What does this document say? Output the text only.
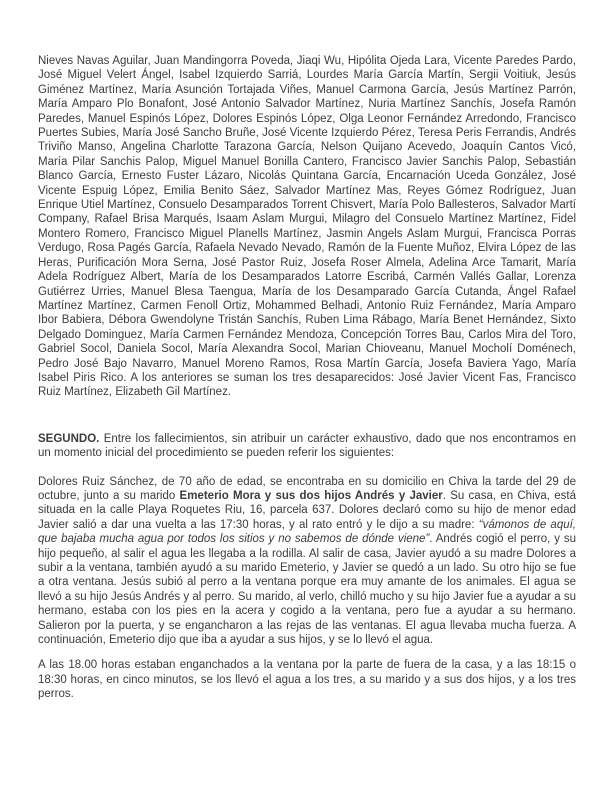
Nieves Navas Aguilar, Juan Mandingorra Poveda, Jiaqi Wu, Hipólita Ojeda Lara, Vicente Paredes Pardo, José Miguel Velert Ángel, Isabel Izquierdo Sarriá, Lourdes María García Martín, Sergii Voitiuk, Jesús Giménez Martínez, María Asunción Tortajada Viñes, Manuel Carmona García, Jesús Martínez Parrón, María Amparo Plo Bonafont, José Antonio Salvador Martínez, Nuria Martínez Sanchís, Josefa Ramón Paredes, Manuel Espinós López, Dolores Espinós López, Olga Leonor Fernández Arredondo, Francisco Puertes Subies, María José Sancho Bruñe, José Vicente Izquierdo Pérez, Teresa Peris Ferrandis, Andrés Triviño Manso, Angelina Charlotte Tarazona García, Nelson Quijano Acevedo, Joaquín Cantos Vicó, María Pilar Sanchis Palop, Miguel Manuel Bonilla Cantero, Francisco Javier Sanchis Palop, Sebastián Blanco García, Ernesto Fuster Lázaro, Nicolás Quintana García, Encarnación Uceda González, José Vicente Espuig López, Emilia Benito Sáez, Salvador Martínez Mas, Reyes Gómez Rodríguez, Juan Enrique Utiel Martínez, Consuelo Desamparados Torrent Chisvert, María Polo Ballesteros, Salvador Martí Company, Rafael Brisa Marqués, Isaam Aslam Murgui, Milagro del Consuelo Martínez Martínez, Fidel Montero Romero, Francisco Miguel Planells Martínez, Jasmin Angels Aslam Murgui, Francisca Porras Verdugo, Rosa Pagés García, Rafaela Nevado Nevado, Ramón de la Fuente Muñoz, Elvira López de las Heras, Purificación Mora Serna, José Pastor Ruiz, Josefa Roser Almela, Adelina Arce Tamarit, María Adela Rodríguez Albert, María de los Desamparados Latorre Escribá, Carmén Vallés Gallar, Lorenza Gutiérrez Urries, Manuel Blesa Taengua, María de los Desamparado García Cutanda, Ángel Rafael Martínez Martínez, Carmen Fenoll Ortiz, Mohammed Belhadi, Antonio Ruiz Fernández, María Amparo Ibor Babiera, Débora Gwendolyne Tristán Sanchís, Ruben Lima Rábago, María Benet Hernández, Sixto Delgado Dominguez, María Carmen Fernández Mendoza, Concepción Torres Bau, Carlos Mira del Toro, Gabriel Socol, Daniela Socol, María Alexandra Socol, Marian Chioveanu, Manuel Mocholí Doménech, Pedro José Bajo Navarro, Manuel Moreno Ramos, Rosa Martín García, Josefa Baviera Yago, María Isabel Piris Rico. A los anteriores se suman los tres desaparecidos: José Javier Vicent Fas, Francisco Ruiz Martínez, Elizabeth Gil Martínez.

SEGUNDO. Entre los fallecimientos, sin atribuir un carácter exhaustivo, dado que nos encontramos en un momento inicial del procedimiento se pueden referir los siguientes:

Dolores Ruiz Sánchez, de 70 año de edad, se encontraba en su domicilio en Chiva la tarde del 29 de octubre, junto a su marido Emeterio Mora y sus dos hijos Andrés y Javier. Su casa, en Chiva, está situada en la calle Playa Roquetes Riu, 16, parcela 637. Dolores declaró como su hijo de menor edad Javier salió a dar una vuelta a las 17:30 horas, y al rato entró y le dijo a su madre: “vámonos de aquí, que bajaba mucha agua por todos los sitios y no sabemos de dónde viene”. Andrés cogió el perro, y su hijo pequeño, al salir el agua les llegaba a la rodilla. Al salir de casa, Javier ayudó a su madre Dolores a subir a la ventana, también ayudó a su marido Emeterio, y Javier se quedó a un lado. Su otro hijo se fue a otra ventana. Jesús subió al perro a la ventana porque era muy amante de los animales. El agua se llevó a su hijo Jesús Andrés y al perro. Su marido, al verlo, chilló mucho y su hijo Javier fue a ayudar a su hermano, estaba con los pies en la acera y cogido a la ventana, pero fue a ayudar a su hermano. Salieron por la puerta, y se engancharon a las rejas de las ventanas. El agua llevaba mucha fuerza. A continuación, Emeterio dijo que iba a ayudar a sus hijos, y se lo llevó el agua.

A las 18.00 horas estaban enganchados a la ventana por la parte de fuera de la casa, y a las 18:15 o 18:30 horas, en cinco minutos, se los llevó el agua a los tres, a su marido y a sus dos hijos, y a los tres perros.
